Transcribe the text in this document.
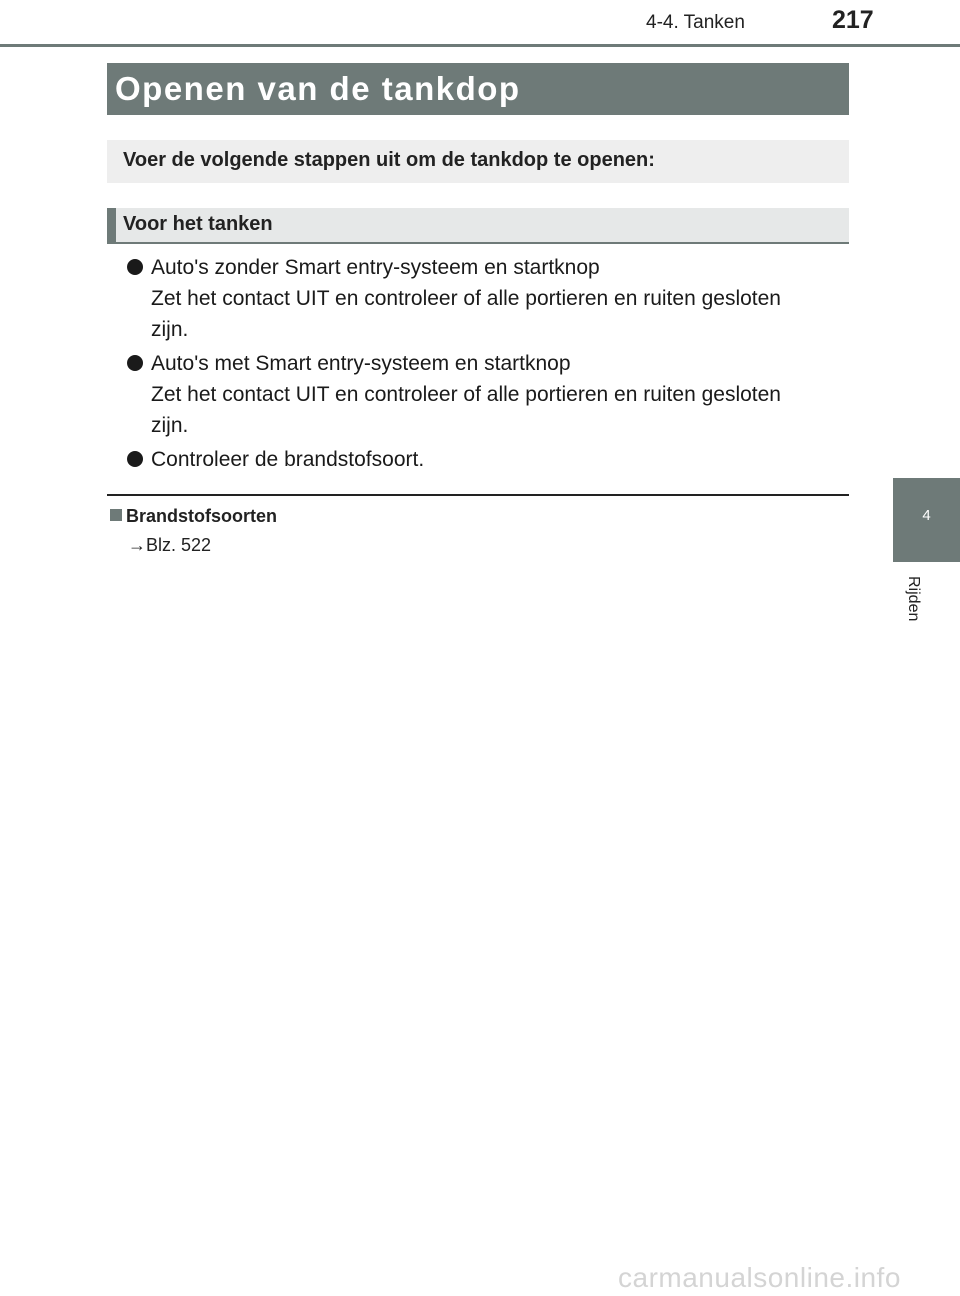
4-4. Tanken	217
4
Rijden
Openen van de tankdop
Voer de volgende stappen uit om de tankdop te openen:
Voor het tanken
Auto's zonder Smart entry-systeem en startknop
Zet het contact UIT en controleer of alle portieren en ruiten gesloten
zijn.
Auto's met Smart entry-systeem en startknop
Zet het contact UIT en controleer of alle portieren en ruiten gesloten
zijn.
Controleer de brandstofsoort.
Brandstofsoorten
→Blz. 522
carmanualsonline.info
